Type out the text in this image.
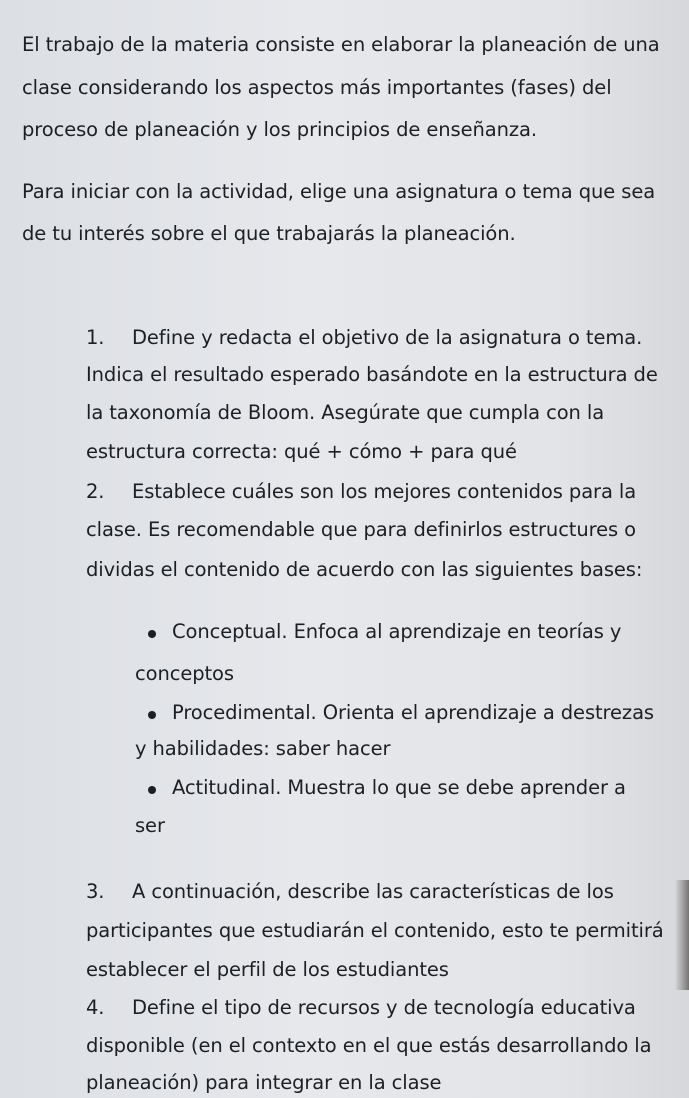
El trabajo de la materia consiste en elaborar la planeación de una
clase considerando los aspectos más importantes (fases) del
proceso de planeación y los principios de enseñanza.
Para iniciar con la actividad, elige una asignatura o tema que sea
de tu interés sobre el que trabajarás la planeación.
1. Define y redacta el objetivo de la asignatura o tema.
Indica el resultado esperado basándote en la estructura de
la taxonomía de Bloom. Asegúrate que cumpla con la
estructura correcta: qué + cómo + para qué
2. Establece cuáles son los mejores contenidos para la
clase. Es recomendable que para definirlos estructures o
dividas el contenido de acuerdo con las siguientes bases:
Conceptual. Enfoca al aprendizaje en teorías y
conceptos
Procedimental. Orienta el aprendizaje a destrezas
y habilidades: saber hacer
Actitudinal. Muestra lo que se debe aprender a
ser
3. A continuación, describe las características de los
participantes que estudiarán el contenido, esto te permitirá
establecer el perfil de los estudiantes
4. Define el tipo de recursos y de tecnología educativa
disponible (en el contexto en el que estás desarrollando la
planeación) para integrar en la clase
